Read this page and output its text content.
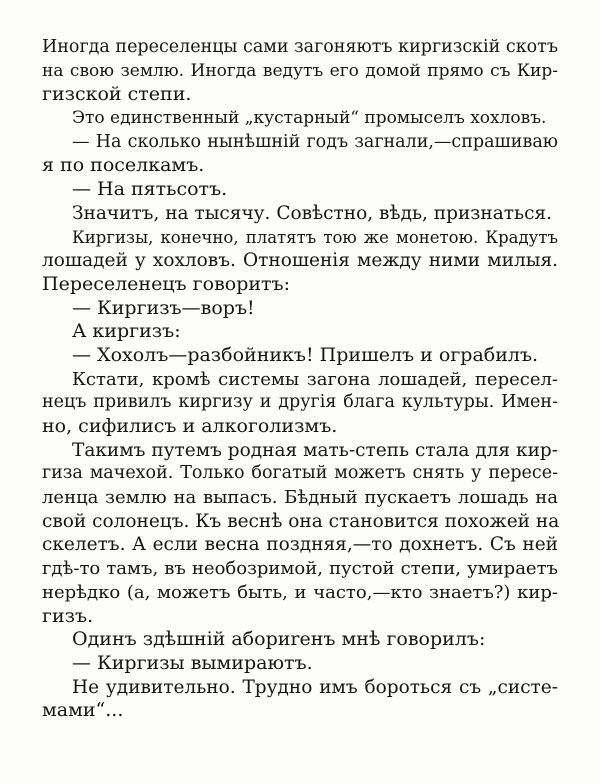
Иногда переселенцы сами загоняютъ киргизскій скотъ
на свою землю. Иногда ведутъ его домой прямо съ Кир-
гизской степи.
Это единственный „кустарный“ промыселъ хохловъ.
— На сколько нынѣшній годъ загнали,—спрашиваю
я по поселкамъ.
— На пятьсотъ.
Значитъ, на тысячу. Совѣстно, вѣдь, признаться.
Киргизы, конечно, платятъ тою же монетою. Крадутъ
лошадей у хохловъ. Отношенія между ними милыя.
Переселенецъ говоритъ:
— Киргизъ—воръ!
А киргизъ:
— Хохолъ—разбойникъ! Пришелъ и ограбилъ.
Кстати, кромѣ системы загона лошадей, пересел-
нецъ привилъ киргизу и другія блага культуры. Имен-
но, сифилисъ и алкоголизмъ.
Такимъ путемъ родная мать-степь стала для кир-
гиза мачехой. Только богатый можетъ снять у пересе-
ленца землю на выпасъ. Бѣдный пускаетъ лошадь на
свой солонецъ. Къ веснѣ она становится похожей на
скелетъ. А если весна поздняя,—то дохнетъ. Съ ней
гдѣ-то тамъ, въ необозримой, пустой степи, умираетъ
нерѣдко (а, можетъ быть, и часто,—кто знаетъ?) кир-
гизъ.
Одинъ здѣшній абориrенъ мнѣ говорилъ:
— Киргизы вымираютъ.
Не удивительно. Трудно имъ бороться съ „систе-
мами“...
